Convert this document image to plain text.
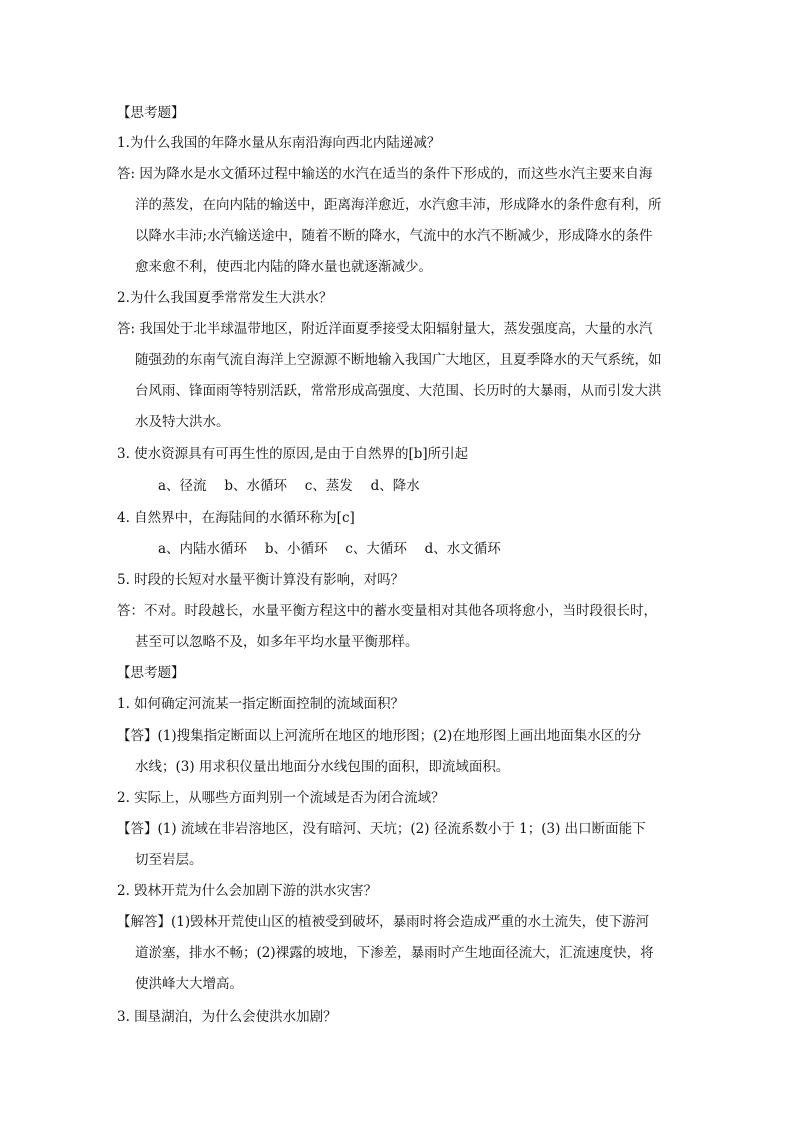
【思考题】
1.为什么我国的年降水量从东南沿海向西北内陆递减？
答: 因为降水是水文循环过程中输送的水汽在适当的条件下形成的，而这些水汽主要来自海
洋的蒸发，在向内陆的输送中，距离海洋愈近，水汽愈丰沛，形成降水的条件愈有利，所
以降水丰沛;水汽输送途中，随着不断的降水，气流中的水汽不断减少，形成降水的条件
愈来愈不利，使西北内陆的降水量也就逐渐减少。
2.为什么我国夏季常常发生大洪水？
答: 我国处于北半球温带地区，附近洋面夏季接受太阳辐射量大，蒸发强度高，大量的水汽
随强劲的东南气流自海洋上空源源不断地输入我国广大地区，且夏季降水的天气系统，如
台风雨、锋面雨等特别活跃，常常形成高强度、大范围、长历时的大暴雨，从而引发大洪
水及特大洪水。
3. 使水资源具有可再生性的原因,是由于自然界的[b]所引起
a、径流　 b、水循环　 c、蒸发　 d、降水
4. 自然界中，在海陆间的水循环称为[c]
a、内陆水循环　 b、小循环　 c、大循环　 d、水文循环
5. 时段的长短对水量平衡计算没有影响，对吗？
答：不对。时段越长，水量平衡方程这中的蓄水变量相对其他各项将愈小，当时段很长时，
甚至可以忽略不及，如多年平均水量平衡那样。
【思考题】
1. 如何确定河流某一指定断面控制的流域面积？
【答】(1)搜集指定断面以上河流所在地区的地形图；(2)在地形图上画出地面集水区的分
水线；(3) 用求积仪量出地面分水线包围的面积，即流域面积。
2. 实际上，从哪些方面判别一个流域是否为闭合流域？
【答】(1) 流域在非岩溶地区，没有暗河、天坑；(2) 径流系数小于 1；(3) 出口断面能下
切至岩层。
2. 毁林开荒为什么会加剧下游的洪水灾害？
【解答】(1)毁林开荒使山区的植被受到破坏，暴雨时将会造成严重的水土流失，使下游河
道淤塞，排水不畅；(2)裸露的坡地，下渗差，暴雨时产生地面径流大，汇流速度快，将
使洪峰大大增高。
3. 围垦湖泊，为什么会使洪水加剧？
